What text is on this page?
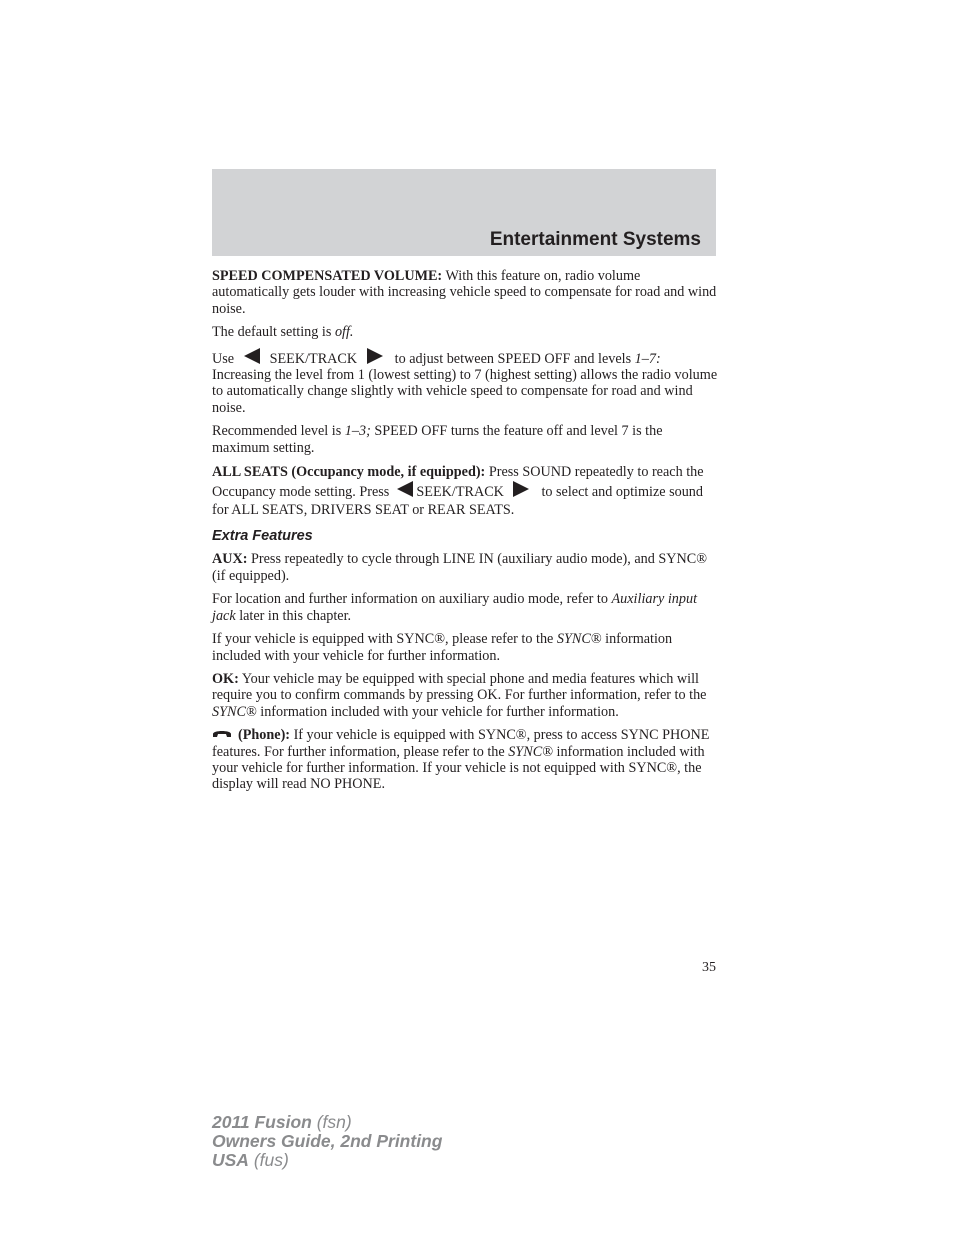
Entertainment Systems

SPEED COMPENSATED VOLUME: With this feature on, radio volume automatically gets louder with increasing vehicle speed to compensate for road and wind noise.

The default setting is off.

Use	SEEK/TRACK	to adjust between SPEED OFF and levels 1–7: Increasing the level from 1 (lowest setting) to 7 (highest setting) allows the radio volume to automatically change slightly with vehicle speed to compensate for road and wind noise.

Recommended level is 1–3; SPEED OFF turns the feature off and level 7 is the maximum setting.

ALL SEATS (Occupancy mode, if equipped): Press SOUND repeatedly to reach the Occupancy mode setting. Press  SEEK/TRACK	to select and optimize sound for ALL SEATS, DRIVERS SEAT or REAR SEATS.

Extra Features

AUX: Press repeatedly to cycle through LINE IN (auxiliary audio mode), and SYNC® (if equipped).

For location and further information on auxiliary audio mode, refer to Auxiliary input jack later in this chapter.

If your vehicle is equipped with SYNC®, please refer to the SYNC® information included with your vehicle for further information.

OK: Your vehicle may be equipped with special phone and media features which will require you to confirm commands by pressing OK. For further information, refer to the SYNC® information included with your vehicle for further information.

(Phone): If your vehicle is equipped with SYNC®, press to access SYNC PHONE features. For further information, please refer to the SYNC® information included with your vehicle for further information. If your vehicle is not equipped with SYNC®, the display will read NO PHONE.

35
2011 Fusion (fsn)
Owners Guide, 2nd Printing
USA (fus)
